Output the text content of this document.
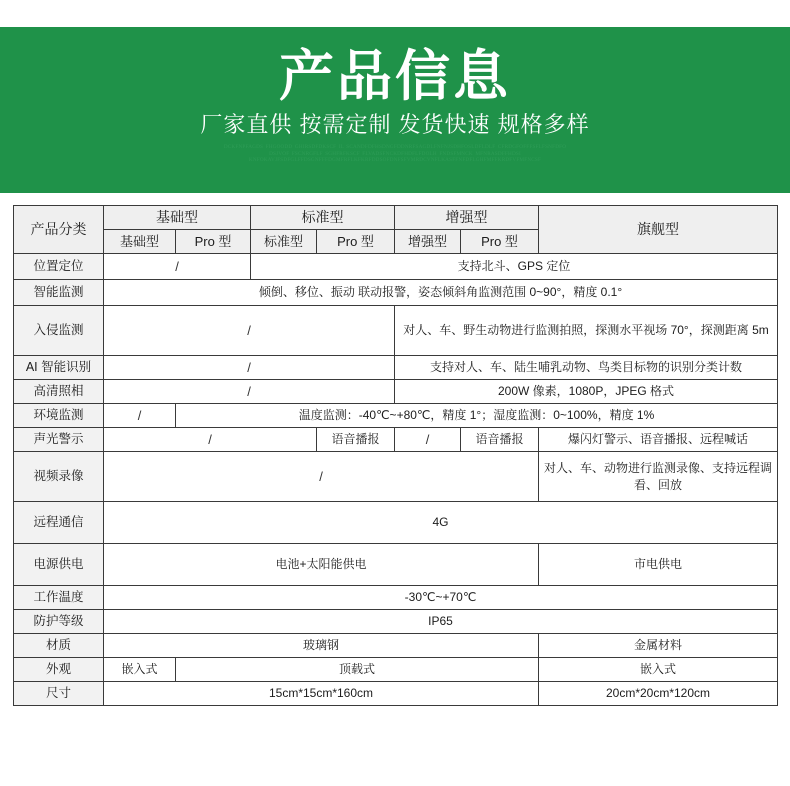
产品信息
厂家直供 按需定制 发货快速 规格多样
DCKFNPFAGDS FHGOODD GHIRSDFDKSCF IL SCANDFDFHSDNGFDDNRFSAGDLFNFNJSDHFOSLDFLDLF CFRDGFOFFFSFLFSNFDFO
DSJVOF FSCNRGFLF SGHFRFKSCF FLVADSFNCKDFHDFLFDOLH FNDSFMNCK MFNRASDFFHDSI
KNFOKAVJFSDFGLFFDSGNFFFDGMFRFLKFKRFDDSOFDNFSFVMRDCVNFLKASFFNFDFLGHFMFFKRDFVFMFNCSF
产品分类	基础型		标准型		增强型		旗舰型
	基础型	Pro 型	标准型	Pro 型	增强型	Pro 型	
位置定位	/		支持北斗、GPS 定位				
智能监测	倾倒、移位、振动 联动报警，姿态倾斜角监测范围 0~90°，精度 0.1°						
入侵监测	/				对人、车、野生动物进行监测拍照，探测水平视场 70°，探测距离 5m		
AI 智能识别	/				支持对人、车、陆生哺乳动物、鸟类目标物的识别分类计数		
高清照相	/				200W 像素，1080P，JPEG 格式		
环境监测	/	温度监测：-40℃~+80℃，精度 1°；湿度监测：0~100%，精度 1%					
声光警示	/			语音播报	/	语音播报	爆闪灯警示、语音播报、远程喊话
视频录像	/						对人、车、动物进行监测录像、支持远程调看、回放
远程通信	4G						
电源供电	电池+太阳能供电						市电供电
工作温度	-30℃~+70℃						
防护等级	IP65						
材质	玻璃钢						金属材料
外观	嵌入式	顶载式					嵌入式
尺寸	15cm*15cm*160cm						20cm*20cm*120cm
